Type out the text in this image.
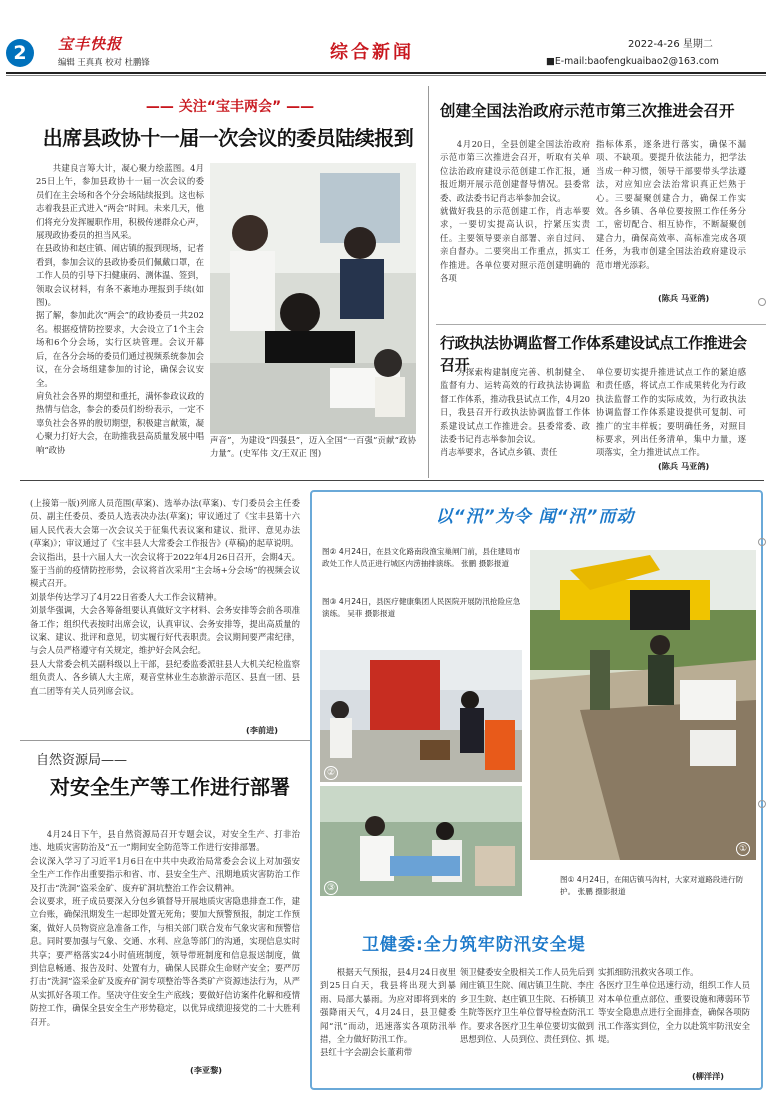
2	宝丰快报
编辑 王真真 校对 杜鹏锋	综合新闻	2022-4-26 星期二
■E-mail:baofengkuaibao2@163.com
—— 关注“宝丰两会” ——
出席县政协十一届一次会议的委员陆续报到
共建良言筹大计，凝心聚力绘蓝图。4月25日上午，参加县政协十一届一次会议的委员们在主会场和各个分会场陆续报到。这也标志着我县正式进入“两会”时间。未来几天，他们将充分发挥履职作用，积极传递群众心声，展现政协委员的担当风采。
在县政协和赵庄镇、闹店镇的报到现场，记者看到，参加会议的县政协委员们佩戴口罩，在工作人员的引导下扫健康码、测体温、签到，领取会议材料，有条不紊地办理报到手续(如图)。
据了解，参加此次“两会”的政协委员一共202名。根据疫情防控要求，大会设立了1个主会场和6个分会场，实行区块管理。会议开幕后，在各分会场的委员们通过视频系统参加会议，在分会场组建参加的讨论，确保会议安全。
肩负社会各界的期望和重托，满怀参政议政的热情与信念，参会的委员们纷纷表示，一定不辜负社会各界的殷切期望，积极建言献策，凝心聚力打好大会，在助推我县高质量发展中唱响“政协
声音”，为建设“四强县”，迈入全国“一百强”贡献“政协力量”。(史军伟 文/王双正 图)
创建全国法治政府示范市第三次推进会召开
4月20日，全县创建全国法治政府示范市第三次推进会召开，听取有关单位法治政府建设示范创建工作汇报，通报近期开展示范创建督导情况。县委常委、政法委书记肖志举参加会议。
就做好我县的示范创建工作，肖志举要求，一要切实提高认识，拧紧压实责任。主要领导要亲自部署、亲自过问、亲自督办。二要突出工作重点，抓实工作推进。各单位要对照示范创建明确的各项
指标体系，逐条进行落实，确保不漏项、不缺项。要提升依法能力，把学法当成一种习惯，领导干部要带头学法遵法，对应知应会法治常识真正烂熟于心。三要凝聚创建合力，确保工作实效。各乡镇、各单位要按照工作任务分工，密切配合、相互协作，不断凝聚创建合力，确保高效率、高标准完成各项任务，为我市创建全国法治政府建设示范市增光添彩。
(陈兵 马亚鸽)
行政执法协调监督工作体系建设试点工作推进会召开
为探索构建制度完善、机制健全、监督有力、运转高效的行政执法协调监督工作体系，推动我县试点工作，4月20日，我县召开行政执法协调监督工作体系建设试点工作推进会。县委常委、政法委书记肖志举参加会议。
肖志举要求，各试点乡镇、责任
单位要切实提升推进试点工作的紧迫感和责任感，将试点工作成果转化为行政执法监督工作的实际成效，为行政执法协调监督工作体系建设提供可复制、可推广的宝丰样板；要明确任务，对照目标要求，列出任务清单，集中力量，逐项落实，全力推进试点工作。
(陈兵 马亚鸽)
(上接第一版)列席人员范围(草案)、选举办法(草案)、专门委员会主任委员、副主任委员、委员人选表决办法(草案)；审议通过了《宝丰县第十六届人民代表大会第一次会议关于征集代表议案和建议、批评、意见办法(草案)》；审议通过了《宝丰县人大常委会工作报告》(草稿)的起草说明。
会议指出，县十六届人大一次会议将于2022年4月26日召开，会期4天。鉴于当前的疫情防控形势，会议将首次采用“主会场+分会场”的视频会议模式召开。
刘景华传达学习了4月22日省委人大工作会议精神。
刘景华强调，大会各筹备组要认真做好文字材料、会务安排等会前各项准备工作；组织代表按时出席会议，认真审议、会务安排等，提出高质量的议案、建议、批评和意见，切实履行好代表职责。会议期间要严肃纪律，与会人员严格遵守有关规定，维护好会风会纪。
县人大常委会机关副科级以上干部，县纪委监委派驻县人大机关纪检监察组负责人、各乡镇人大主席，观音堂林业生态旅游示范区、县直一团、县直二团等有关人员列席会议。
(李前进)
自然资源局——
对安全生产等工作进行部署
4月24日下午，县自然资源局召开专题会议，对安全生产、打非治违、地质灾害防治及“五一”期间安全防范等工作进行安排部署。
会议深入学习了习近平1月6日在中共中央政治局常委会会议上对加强安全生产工作作出重要指示和省、市、县安全生产、汛期地质灾害防治工作及打击“洗洞”盗采金矿、废弃矿洞坑整治工作会议精神。
会议要求，班子成员要深入分包乡镇督导开展地质灾害隐患排查工作，建立台账，确保汛期发生一起即处置无死角；要加大预警预报，制定工作预案，做好人员物资应急准备工作，与相关部门联合发布气象灾害和预警信息。同时要加强与气象、交通、水利、应急等部门的沟通，实现信息实时共享；要严格落实24小时值班制度，领导带班制度和信息报送制度，做到信息畅通、报告及时、处置有力，确保人民群众生命财产安全；要严厉打击“洗洞”盗采金矿及废弃矿洞专项整治等各类矿产资源违法行为，从严从实抓好各项工作。坚决守住安全生产底线；要做好信访案件化解和疫情防控工作，确保全县安全生产形势稳定，以优异成绩迎接党的二十大胜利召开。
(李亚黎)
以“汛”为令 闻“汛”而动
①
图① 4月24日，在闹店镇马沟村，大家对道路段进行防护。 张鹏 摄影报道
图② 4月24日，在县文化路南段渔宝巢闸门前，县住建局市政处工作人员正进行城区内涝抽排演练。 张鹏 摄影报道
图③ 4月24日，县医疗健康集团人民医院开展防汛抢险应急演练。 吴菲 摄影报道
②
③
卫健委:全力筑牢防汛安全堤
根据天气预报，县4月24日夜里到25日白天，我县将出现大到暴雨、局部大暴雨。为应对即将到来的强降雨天气，4月24日，县卫健委闻“汛”而动，迅速落实各项防汛举措，全力做好防汛工作。
县红十字会副会长董莉带
领卫健委安全股相关工作人员先后到闹庄镇卫生院、闹店镇卫生院、李庄乡卫生院、赵庄镇卫生院、石桥镇卫生院等医疗卫生单位督导检查防汛工作。要求各医疗卫生单位要切实做到思想到位、人员到位、责任到位、抓
实抓细防汛救灾各项工作。
各医疗卫生单位迅速行动，组织工作人员对本单位重点部位、重要设施和薄弱环节等安全隐患点进行全面排查，确保各项防汛工作落实到位，全力以赴筑牢防汛安全堤。
(柳洋洋)
